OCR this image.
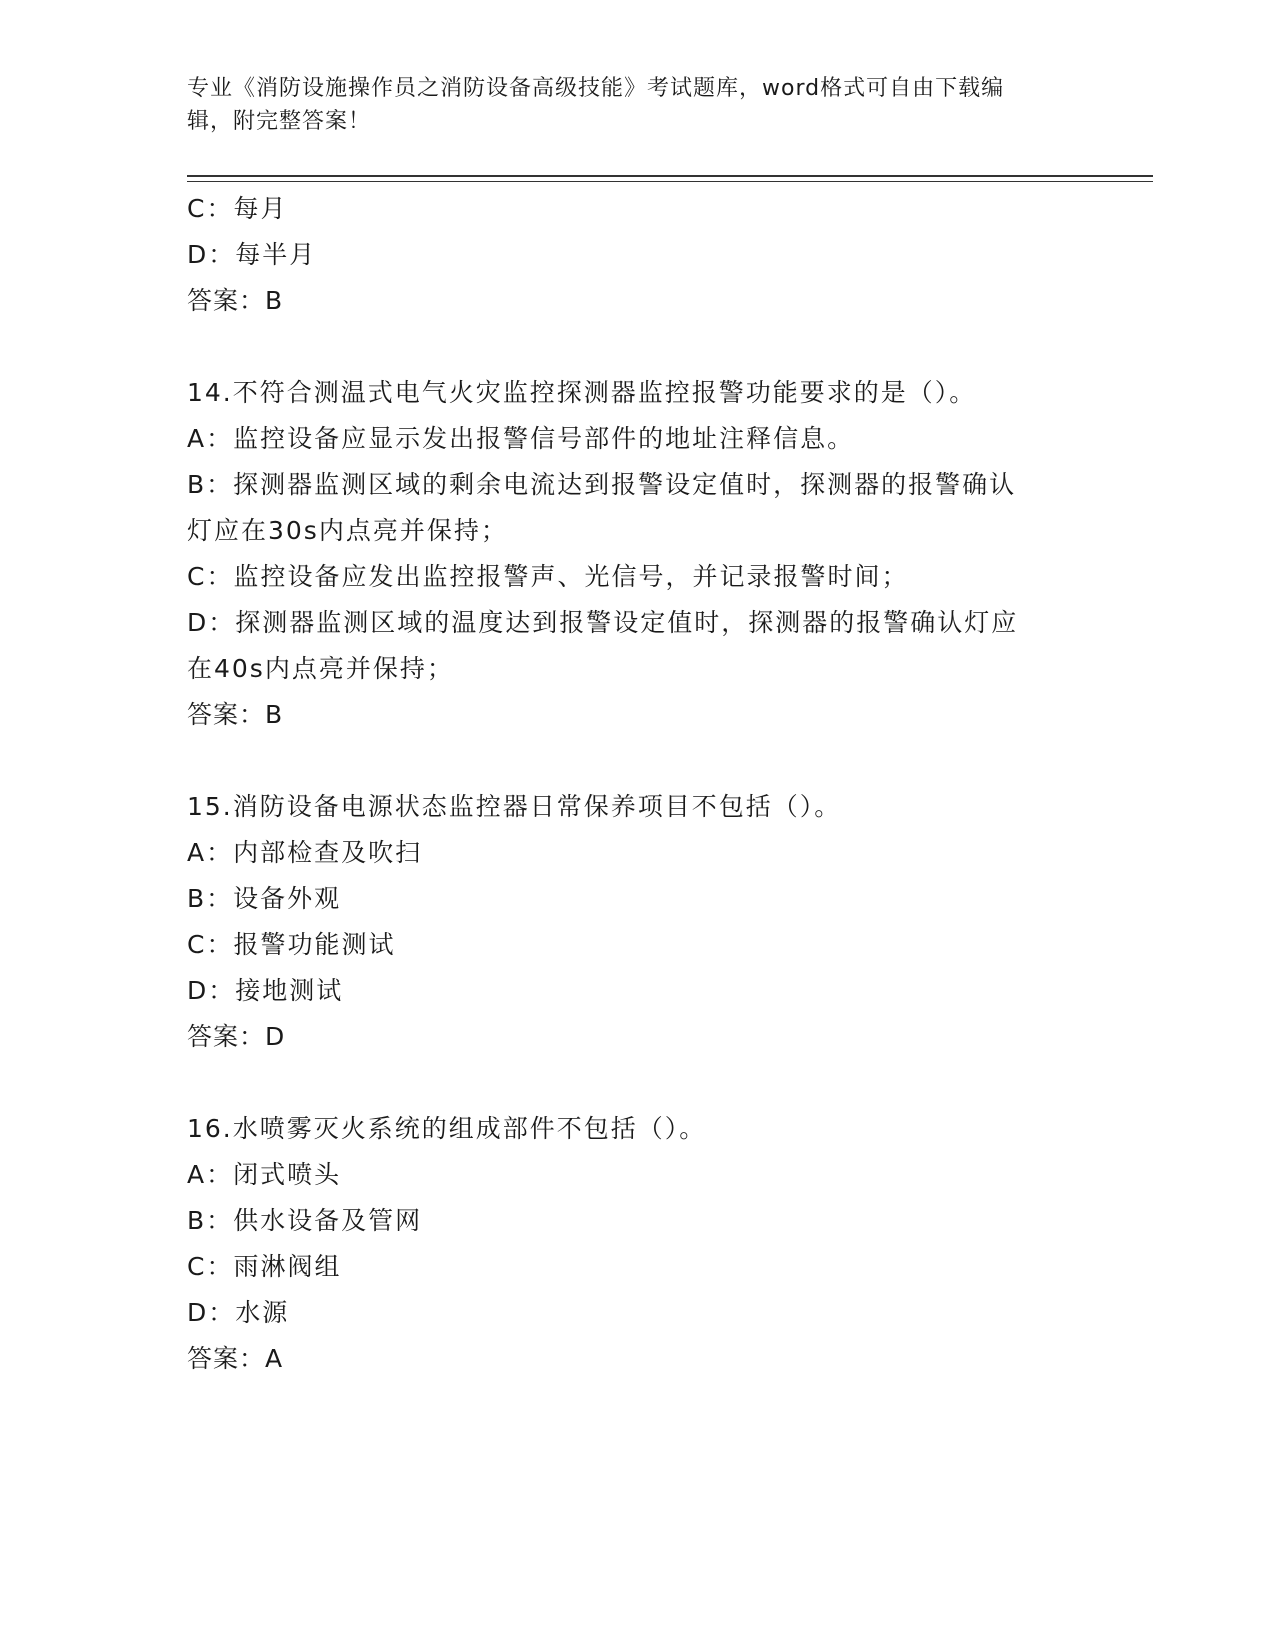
专业《消防设施操作员之消防设备高级技能》考试题库，word格式可自由下载编
辑，附完整答案！
C：每月
D：每半月
答案：B
14.不符合测温式电气火灾监控探测器监控报警功能要求的是（）。
A：监控设备应显示发出报警信号部件的地址注释信息。
B：探测器监测区域的剩余电流达到报警设定值时，探测器的报警确认
灯应在30s内点亮并保持；
C：监控设备应发出监控报警声、光信号，并记录报警时间；
D：探测器监测区域的温度达到报警设定值时，探测器的报警确认灯应
在40s内点亮并保持；
答案：B
15.消防设备电源状态监控器日常保养项目不包括（）。
A：内部检查及吹扫
B：设备外观
C：报警功能测试
D：接地测试
答案：D
16.水喷雾灭火系统的组成部件不包括（）。
A：闭式喷头
B：供水设备及管网
C：雨淋阀组
D：水源
答案：A
